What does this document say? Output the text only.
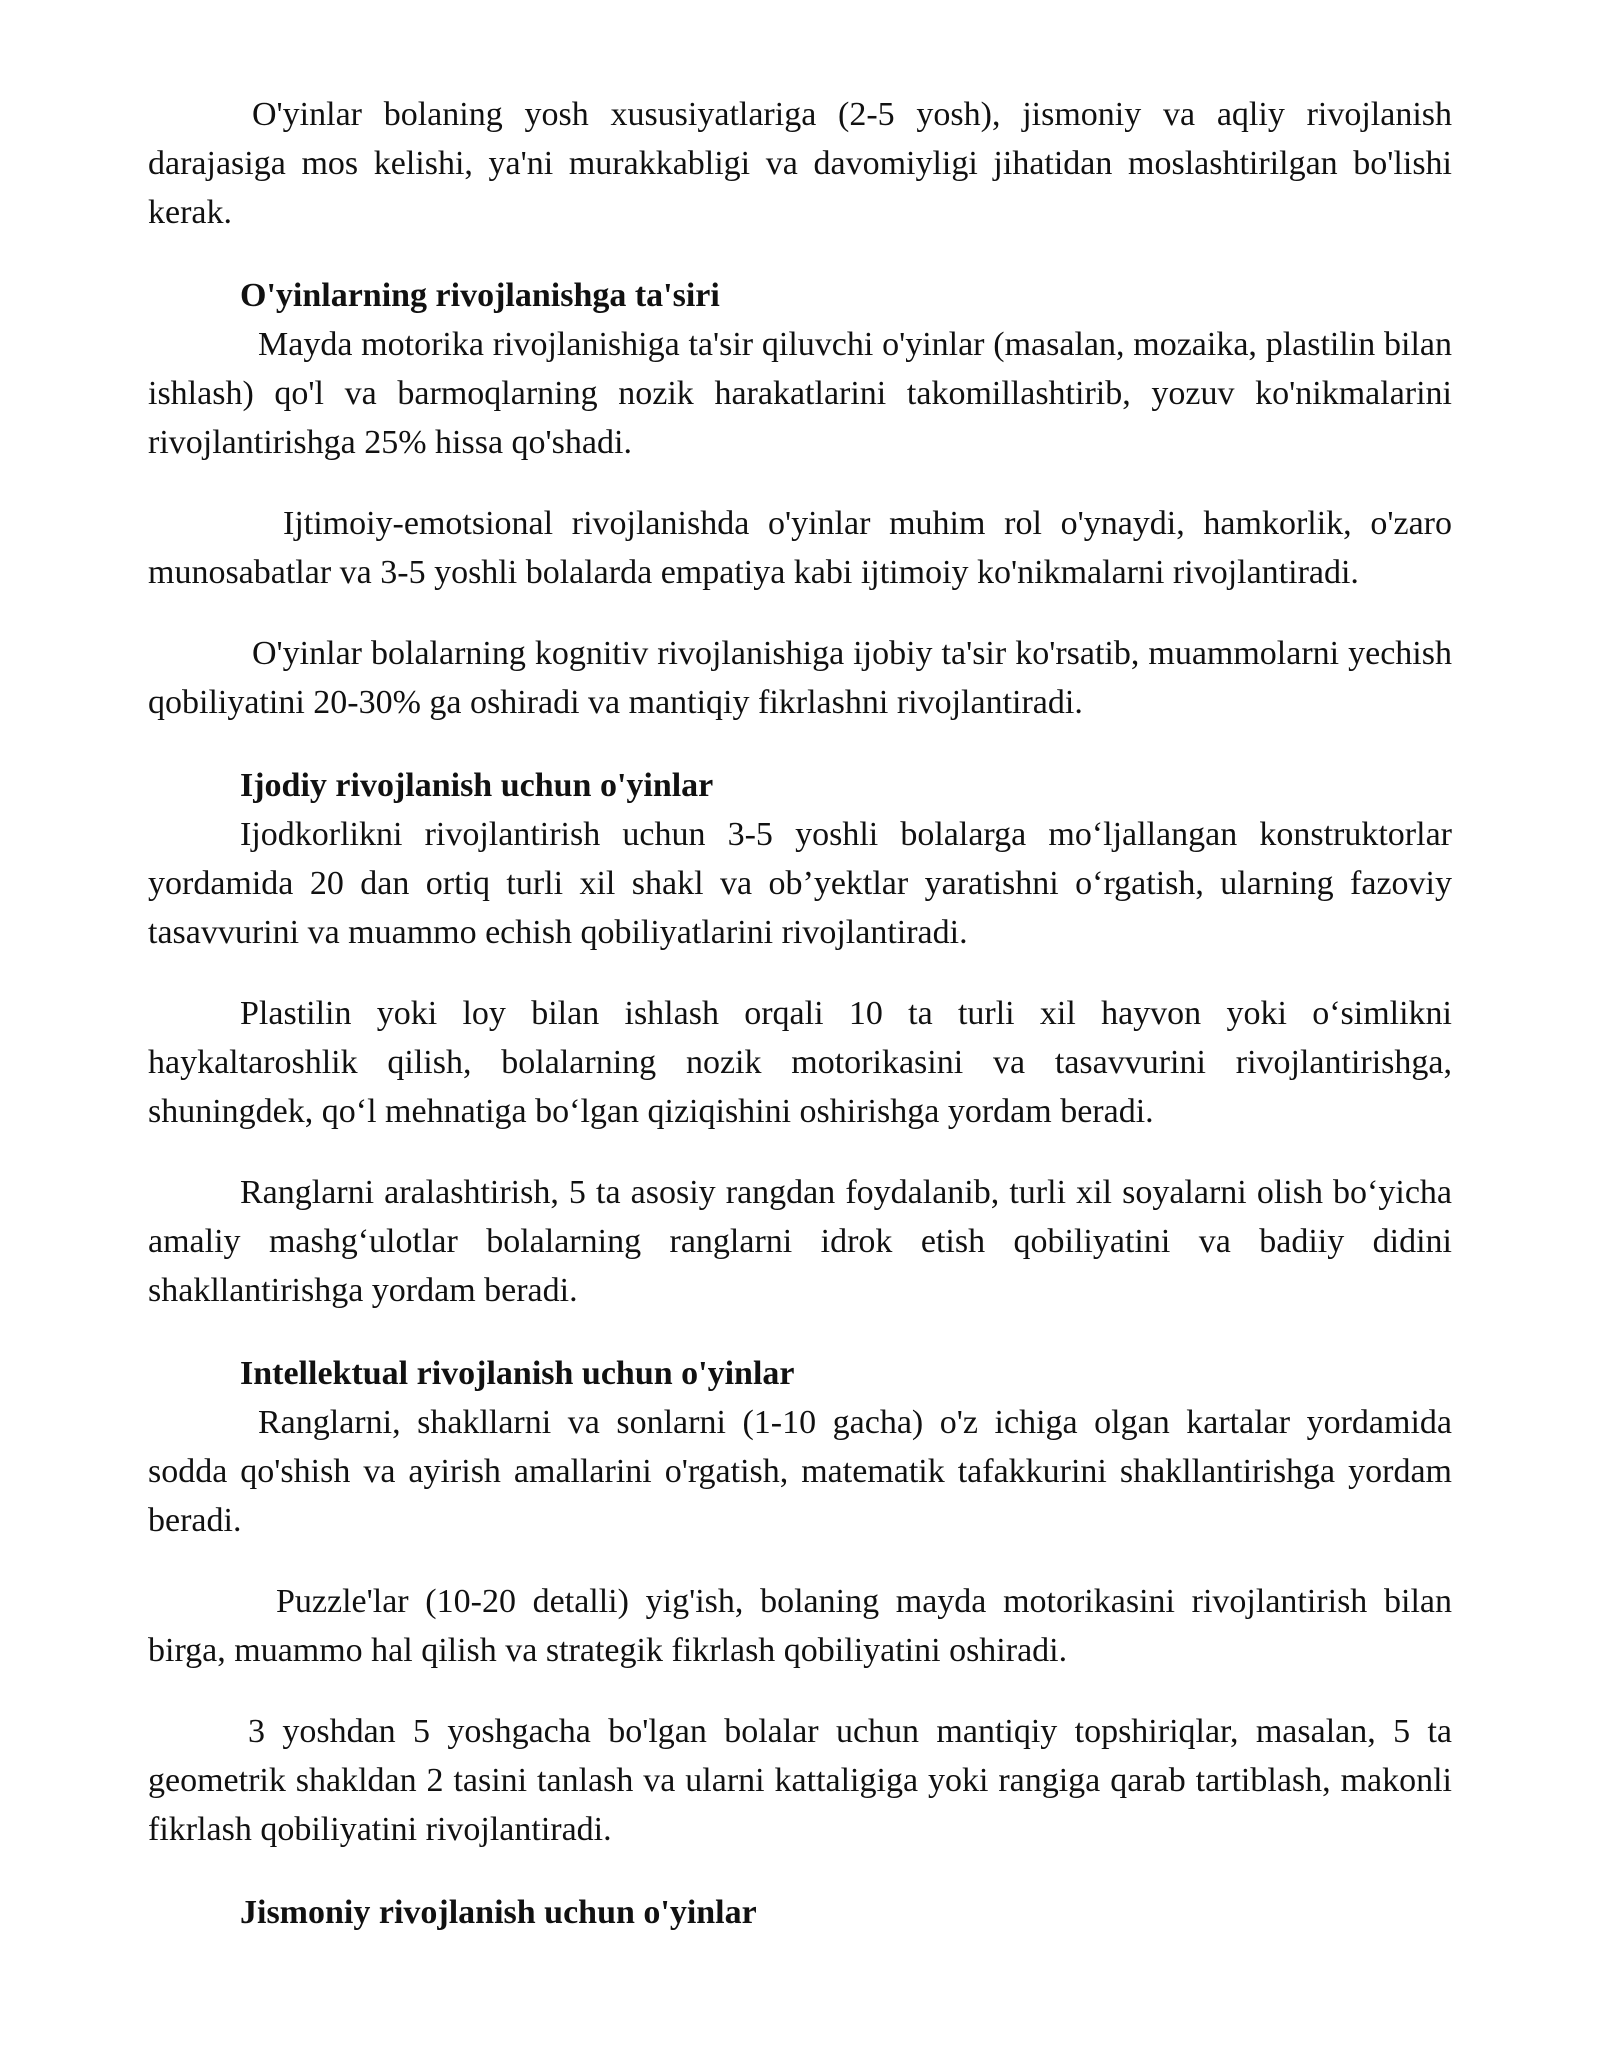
O'yinlar bolaning yosh xususiyatlariga (2-5 yosh), jismoniy va aqliy rivojlanish darajasiga mos kelishi, ya'ni murakkabligi va davomiyligi jihatidan moslashtirilgan bo'lishi kerak.

O'yinlarning rivojlanishga ta'siri

Mayda motorika rivojlanishiga ta'sir qiluvchi o'yinlar (masalan, mozaika, plastilin bilan ishlash) qo'l va barmoqlarning nozik harakatlarini takomillashtirib, yozuv ko'nikmalarini rivojlantirishga 25% hissa qo'shadi.

Ijtimoiy-emotsional rivojlanishda o'yinlar muhim rol o'ynaydi, hamkorlik, o'zaro munosabatlar va 3-5 yoshli bolalarda empatiya kabi ijtimoiy ko'nikmalarni rivojlantiradi.

O'yinlar bolalarning kognitiv rivojlanishiga ijobiy ta'sir ko'rsatib, muammolarni yechish qobiliyatini 20-30% ga oshiradi va mantiqiy fikrlashni rivojlantiradi.

Ijodiy rivojlanish uchun o'yinlar

Ijodkorlikni rivojlantirish uchun 3-5 yoshli bolalarga mo‘ljallangan konstruktorlar yordamida 20 dan ortiq turli xil shakl va ob’yektlar yaratishni o‘rgatish, ularning fazoviy tasavvurini va muammo echish qobiliyatlarini rivojlantiradi.

Plastilin yoki loy bilan ishlash orqali 10 ta turli xil hayvon yoki o‘simlikni haykaltaroshlik qilish, bolalarning nozik motorikasini va tasavvurini rivojlantirishga, shuningdek, qo‘l mehnatiga bo‘lgan qiziqishini oshirishga yordam beradi.

Ranglarni aralashtirish, 5 ta asosiy rangdan foydalanib, turli xil soyalarni olish bo‘yicha amaliy mashg‘ulotlar bolalarning ranglarni idrok etish qobiliyatini va badiiy didini shakllantirishga yordam beradi.

Intellektual rivojlanish uchun o'yinlar

Ranglarni, shakllarni va sonlarni (1-10 gacha) o'z ichiga olgan kartalar yordamida sodda qo'shish va ayirish amallarini o'rgatish, matematik tafakkurini shakllantirishga yordam beradi.

Puzzle'lar (10-20 detalli) yig'ish, bolaning mayda motorikasini rivojlantirish bilan birga, muammo hal qilish va strategik fikrlash qobiliyatini oshiradi.

3 yoshdan 5 yoshgacha bo'lgan bolalar uchun mantiqiy topshiriqlar, masalan, 5 ta geometrik shakldan 2 tasini tanlash va ularni kattaligiga yoki rangiga qarab tartiblash, makonli fikrlash qobiliyatini rivojlantiradi.

Jismoniy rivojlanish uchun o'yinlar
